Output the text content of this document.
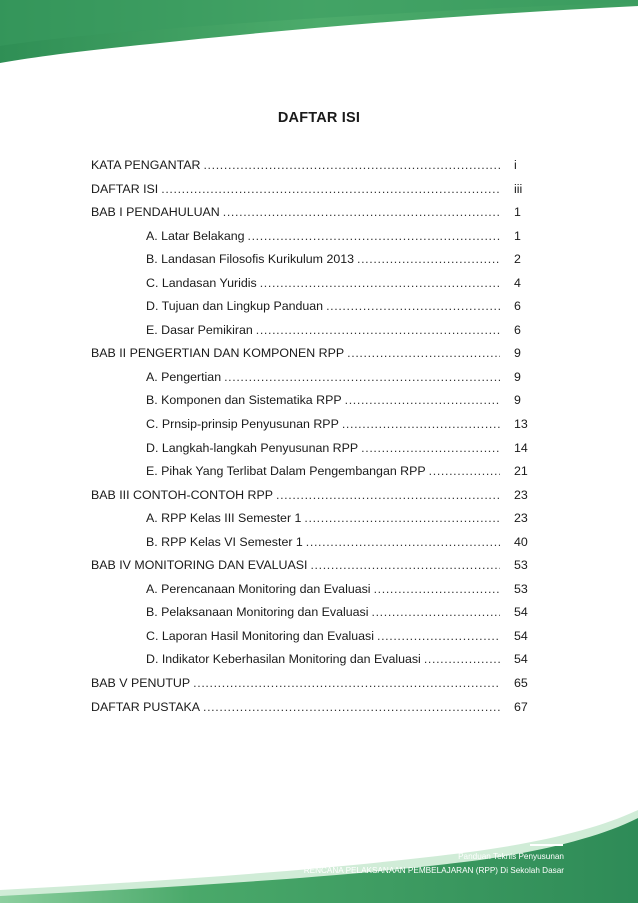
DAFTAR ISI
KATA PENGANTAR . . .	i
DAFTAR ISI . . .	iii
BAB I PENDAHULUAN . . .	1
A. Latar Belakang . . .	1
B. Landasan Filosofis Kurikulum 2013 . . .	2
C. Landasan Yuridis . . .	4
D. Tujuan dan Lingkup Panduan . . .	6
E. Dasar Pemikiran . . .	6
BAB II PENGERTIAN DAN KOMPONEN RPP . . .	9
A. Pengertian . . .	9
B. Komponen dan Sistematika RPP . . .	9
C. Prnsip-prinsip Penyusunan RPP . . .	13
D. Langkah-langkah Penyusunan RPP . . .	14
E. Pihak Yang Terlibat Dalam Pengembangan RPP . . .	21
BAB III CONTOH-CONTOH RPP . . .	23
A. RPP Kelas III Semester 1 . . .	23
B. RPP Kelas VI Semester 1 . . .	40
BAB IV MONITORING DAN EVALUASI . . .	53
A. Perencanaan Monitoring dan Evaluasi . . .	53
B. Pelaksanaan Monitoring dan Evaluasi . . .	54
C. Laporan Hasil Monitoring dan Evaluasi . . .	54
D. Indikator Keberhasilan Monitoring dan Evaluasi . . .	54
BAB V PENUTUP . . .	65
DAFTAR PUSTAKA . . .	67
iii
Panduan Teknis Penyusunan
RENCANA PELAKSANAAN PEMBELAJARAN (RPP) Di Sekolah Dasar
